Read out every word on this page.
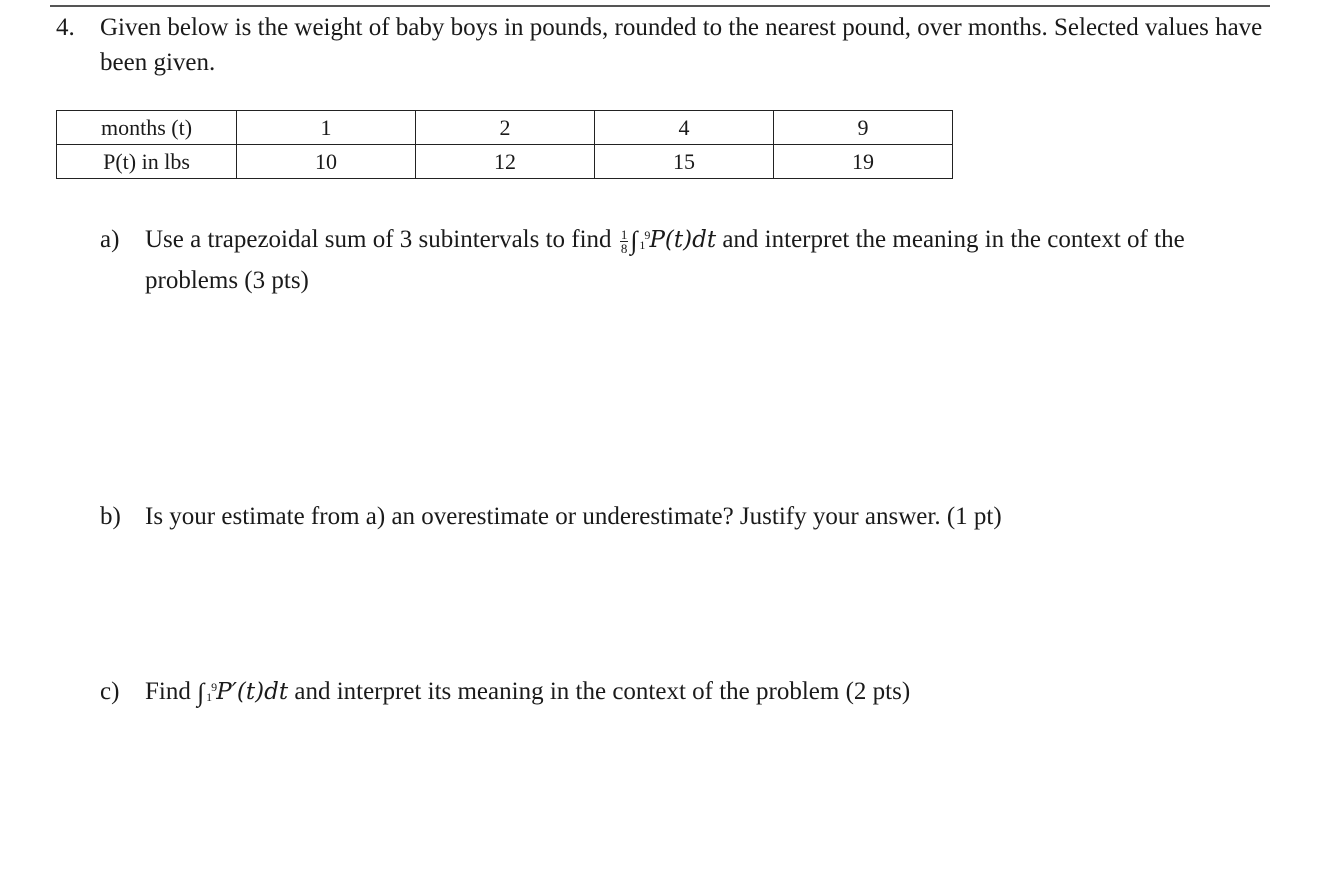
4. Given below is the weight of baby boys in pounds, rounded to the nearest pound, over months. Selected values have been given.
months (t)	1	2	4	9
P(t) in lbs	10	12	15	19
a) Use a trapezoidal sum of 3 subintervals to find $\frac{1}{8}$ ∫ 9
1 P(t)dt and interpret the meaning in the context of the problems (3 pts)
b) Is your estimate from a) an overestimate or underestimate? Justify your answer. (1 pt)
c) Find ∫ 9
1 P′(t)dt and interpret its meaning in the context of the problem (2 pts)
